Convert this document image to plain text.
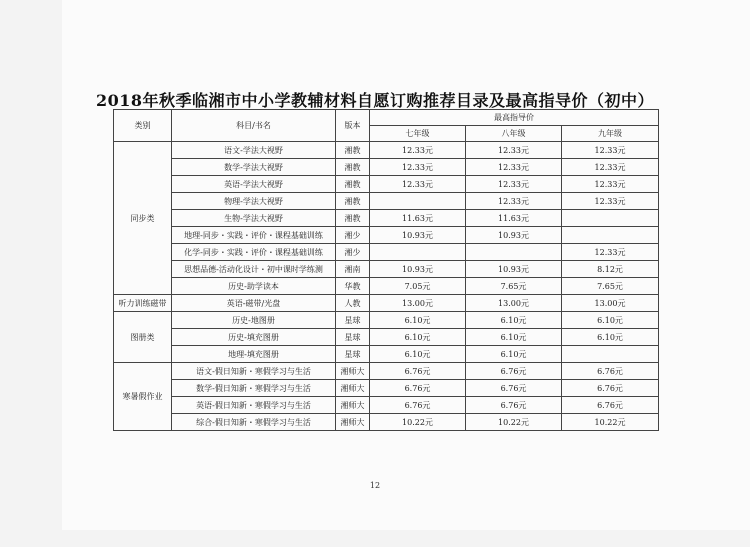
2018年秋季临湘市中小学教辅材料自愿订购推荐目录及最高指导价（初中）
类别	科目/书名	版本	最高指导价		
			七年级	八年级	九年级
同步类	语文-学法大视野	湘教	12.33元	12.33元	12.33元
	数学-学法大视野	湘教	12.33元	12.33元	12.33元
	英语-学法大视野	湘教	12.33元	12.33元	12.33元
	物理-学法大视野	湘教		12.33元	12.33元
	生物-学法大视野	湘教	11.63元	11.63元	
	地理-同步・实践・评价・课程基础训练	湘少	10.93元	10.93元	
	化学-同步・实践・评价・课程基础训练	湘少			12.33元
	思想品德-活动化设计・初中课时学练测	湘南	10.93元	10.93元	8.12元
	历史-助学读本	华教	7.05元	7.65元	7.65元
听力训练磁带	英语-磁带/光盘	人教	13.00元	13.00元	13.00元
图册类	历史-地图册	星球	6.10元	6.10元	6.10元
	历史-填充图册	星球	6.10元	6.10元	6.10元
	地理-填充图册	星球	6.10元	6.10元	
寒暑假作业	语文-假日知新・寒假学习与生活	湘师大	6.76元	6.76元	6.76元
	数学-假日知新・寒假学习与生活	湘师大	6.76元	6.76元	6.76元
	英语-假日知新・寒假学习与生活	湘师大	6.76元	6.76元	6.76元
	综合-假日知新・寒假学习与生活	湘师大	10.22元	10.22元	10.22元
12
